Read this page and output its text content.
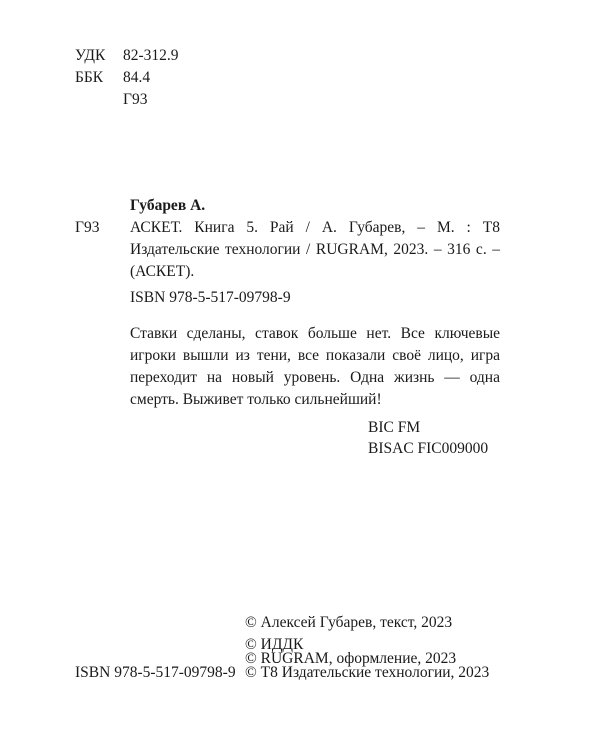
УДК 82-312.9
ББК 84.4
Г93
Губарев А.
Г93 АСКЕТ. Книга 5. Рай / А. Губарев, – М. : Т8 Издательские технологии / RUGRAM, 2023. – 316 с. – (АСКЕТ).
ISBN 978-5-517-09798-9
Ставки сделаны, ставок больше нет. Все ключевые игроки вышли из тени, все показали своё лицо, игра переходит на новый уровень. Одна жизнь — одна смерть. Выживет только сильнейший!
BIC FM
BISAC FIC009000
ISBN 978-5-517-09798-9
© Алексей Губарев, текст, 2023
© ИДДК
© RUGRAM, оформление, 2023
© Т8 Издательские технологии, 2023
